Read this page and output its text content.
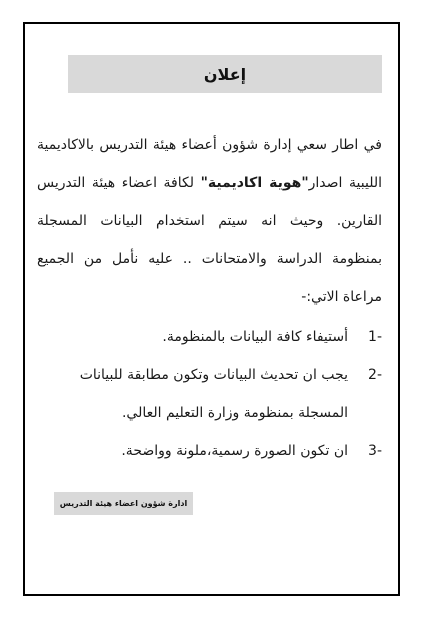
إعلان

في اطار سعي إدارة شؤون أعضاء هيئة التدريس بالاكاديمية الليبية اصدار"هوية اكاديمية" لكافة اعضاء هيئة التدريس القارين. وحيث انه سيتم استخدام البيانات المسجلة بمنظومة الدراسة والامتحانات .. عليه نأمل من الجميع مراعاة الاتي:-

1-
أستيفاء كافة البيانات بالمنظومة.
2-
يجب ان تحديث البيانات وتكون مطابقة للبيانات المسجلة بمنظومة وزارة التعليم العالي.
3-
ان تكون الصورة رسمية،ملونة وواضحة.
ادارة شؤون اعضاء هيئة التدريس
